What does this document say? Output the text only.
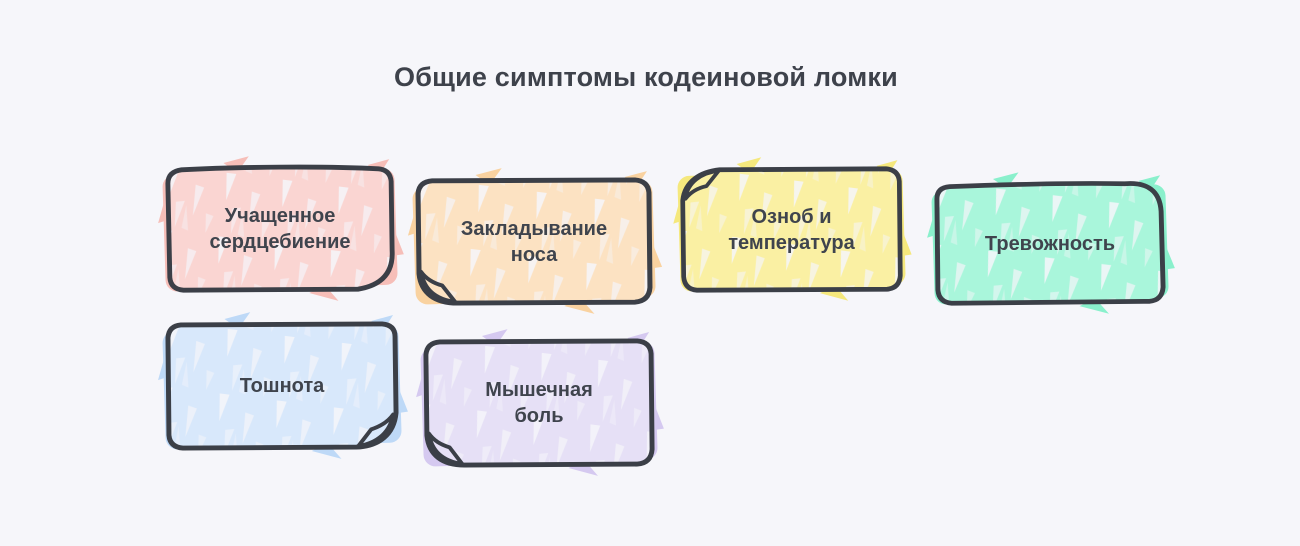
Общие симптомы кодеиновой ломки
Учащенное сердцебиение
Закладывание носа
Озноб и температура	Тревожность
Тошнота	Мышечная боль
